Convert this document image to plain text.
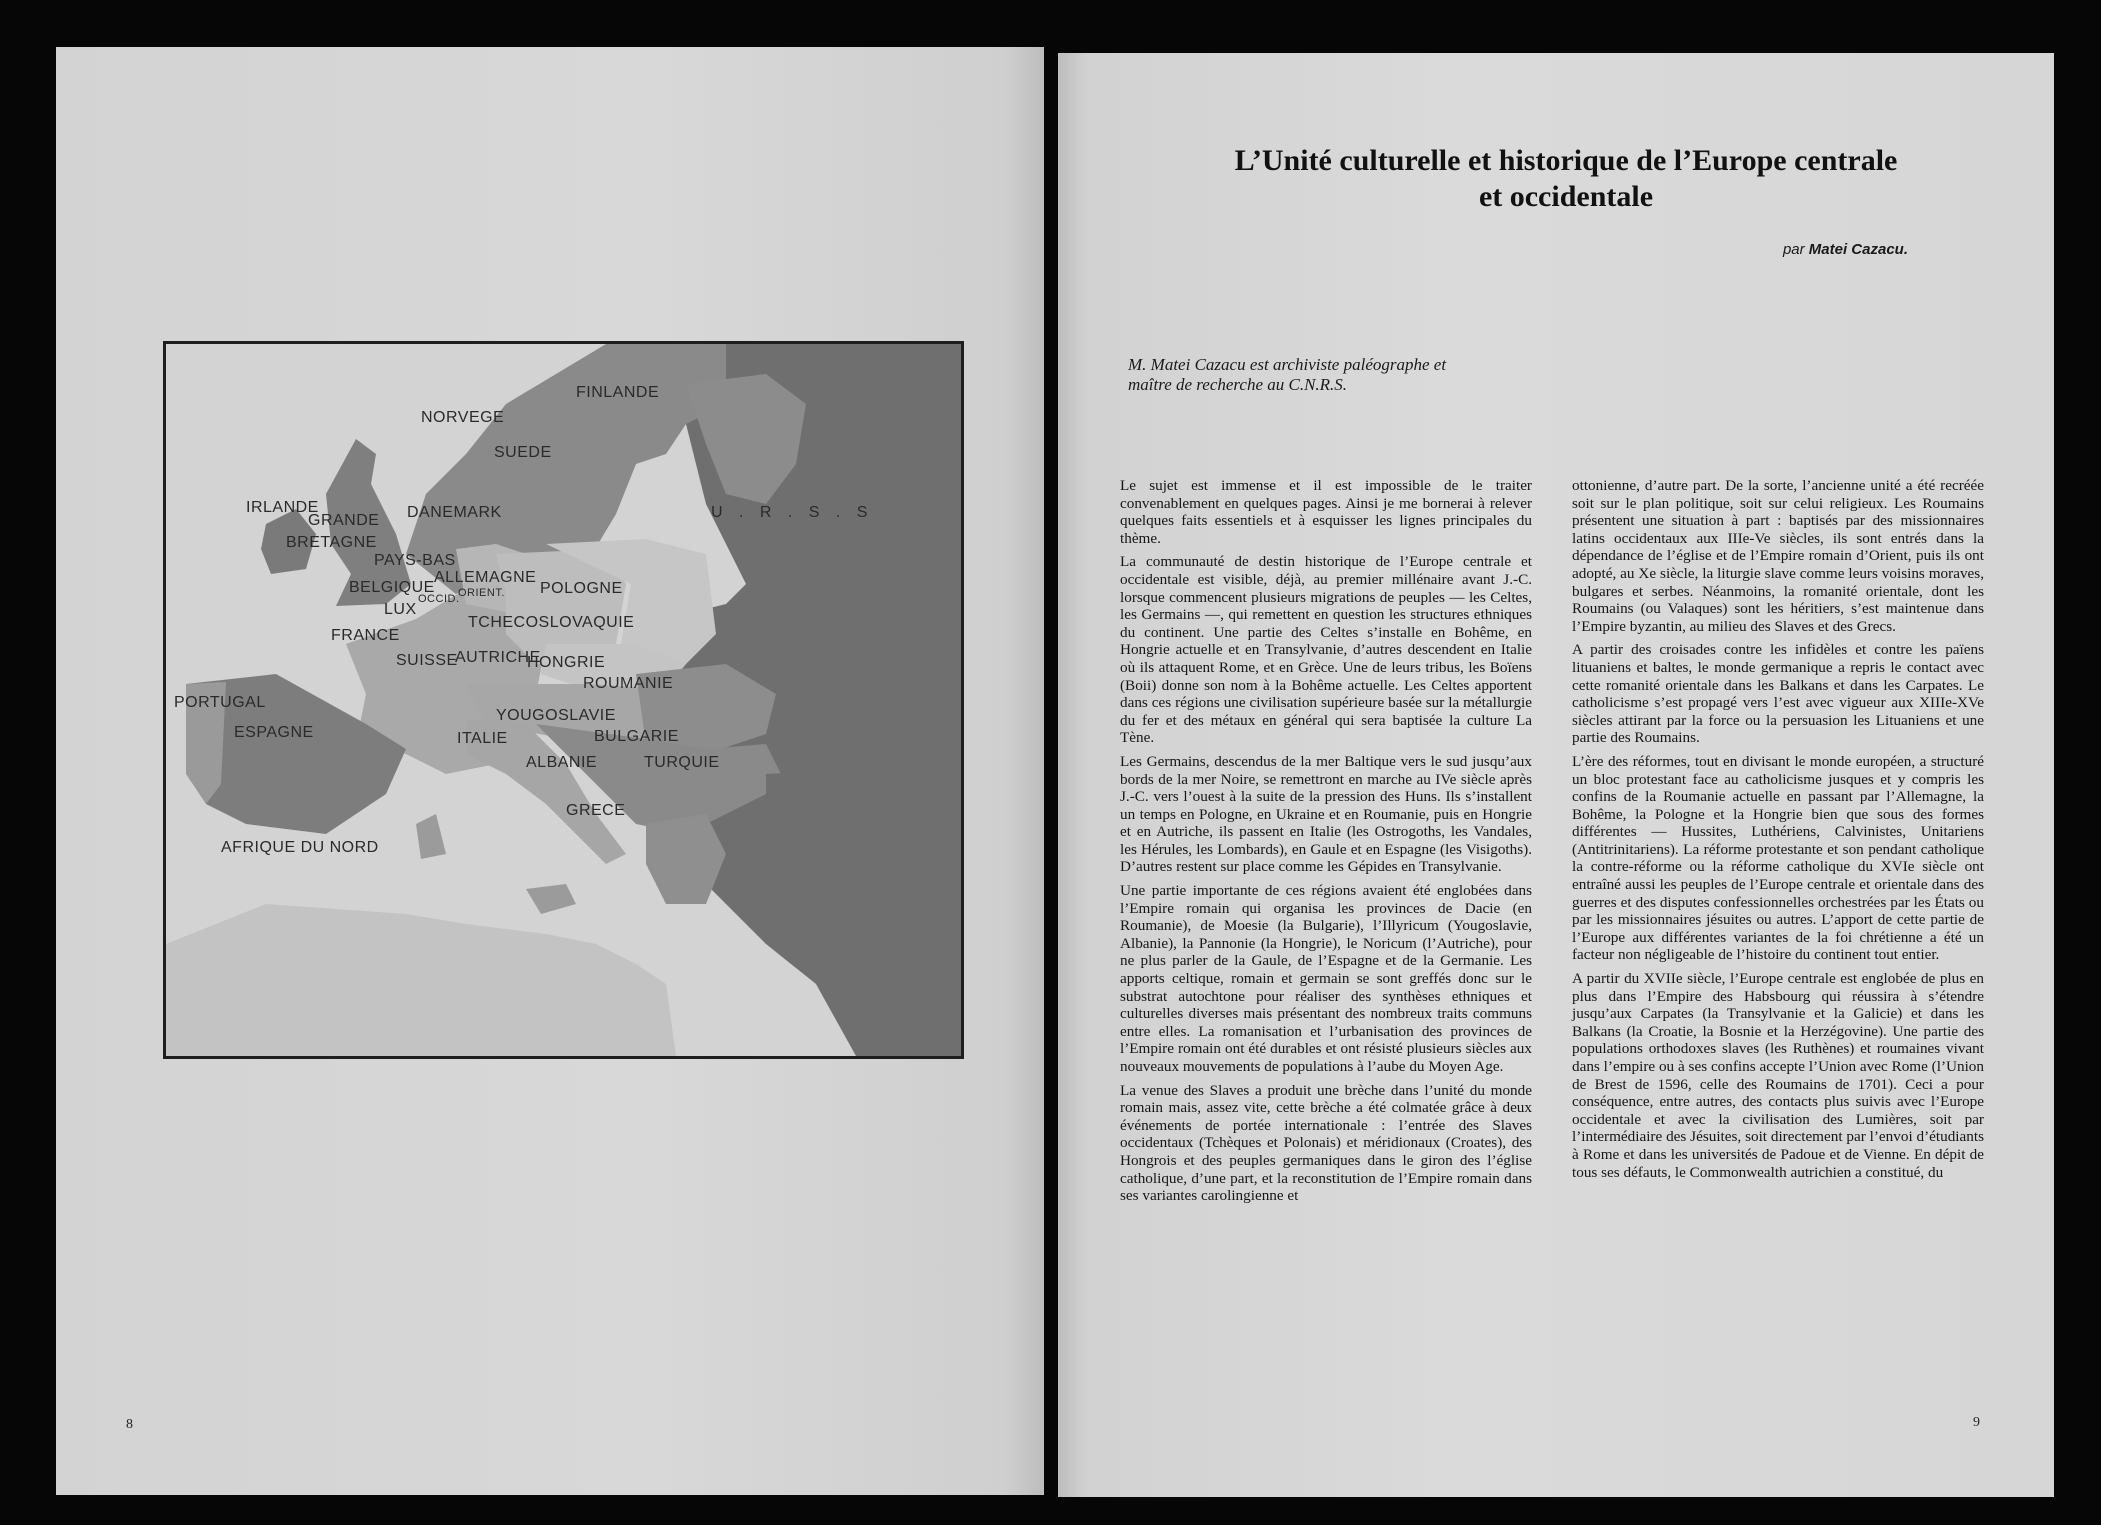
FINLANDE
NORVEGE
SUEDE
IRLANDE
GRANDE
BRETAGNE
DANEMARK	U . R . S . S
PAYS-BAS
BELGIQUE
ALLEMAGNE
ORIENT.
OCCID.
POLOGNE
LUX
TCHECOSLOVAQUIE
FRANCE
SUISSE
AUTRICHE
HONGRIE
ROUMANIE
PORTUGAL
ESPAGNE
YOUGOSLAVIE
ITALIE	BULGARIE
ALBANIE	TURQUIE
GRECE
AFRIQUE DU NORD
8
L’Unité culturelle et historique de l’Europe centrale
et occidentale
par Matei Cazacu.
M. Matei Cazacu est archiviste paléographe et maître de recherche au C.N.R.S.

Le sujet est immense et il est impossible de le traiter convenablement en quelques pages. Ainsi je me bornerai à relever quelques faits essentiels et à esquisser les lignes principales du thème.

La communauté de destin historique de l’Europe centrale et occidentale est visible, déjà, au premier millénaire avant J.-C. lorsque commencent plusieurs migrations de peuples — les Celtes, les Germains —, qui remettent en question les structures ethniques du continent. Une partie des Celtes s’installe en Bohême, en Hongrie actuelle et en Transylvanie, d’autres descendent en Italie où ils attaquent Rome, et en Grèce. Une de leurs tribus, les Boïens (Boii) donne son nom à la Bohême actuelle. Les Celtes apportent dans ces régions une civilisation supérieure basée sur la métallurgie du fer et des métaux en général qui sera baptisée la culture La Tène.

Les Germains, descendus de la mer Baltique vers le sud jusqu’aux bords de la mer Noire, se remettront en marche au IVe siècle après J.-C. vers l’ouest à la suite de la pression des Huns. Ils s’installent un temps en Pologne, en Ukraine et en Roumanie, puis en Hongrie et en Autriche, ils passent en Italie (les Ostrogoths, les Vandales, les Hérules, les Lombards), en Gaule et en Espagne (les Visigoths). D’autres restent sur place comme les Gépides en Transylvanie.

Une partie importante de ces régions avaient été englobées dans l’Empire romain qui organisa les provinces de Dacie (en Roumanie), de Moesie (la Bulgarie), l’Illyricum (Yougoslavie, Albanie), la Pannonie (la Hongrie), le Noricum (l’Autriche), pour ne plus parler de la Gaule, de l’Espagne et de la Germanie. Les apports celtique, romain et germain se sont greffés donc sur le substrat autochtone pour réaliser des synthèses ethniques et culturelles diverses mais présentant des nombreux traits communs entre elles. La romanisation et l’urbanisation des provinces de l’Empire romain ont été durables et ont résisté plusieurs siècles aux nouveaux mouvements de populations à l’aube du Moyen Age.

La venue des Slaves a produit une brèche dans l’unité du monde romain mais, assez vite, cette brèche a été colmatée grâce à deux événements de portée internationale : l’entrée des Slaves occidentaux (Tchèques et Polonais) et méridionaux (Croates), des Hongrois et des peuples germaniques dans le giron des l’église catholique, d’une part, et la reconstitution de l’Empire romain dans ses variantes carolingienne et

ottonienne, d’autre part. De la sorte, l’ancienne unité a été recréée soit sur le plan politique, soit sur celui religieux. Les Roumains présentent une situation à part : baptisés par des missionnaires latins occidentaux aux IIIe-Ve siècles, ils sont entrés dans la dépendance de l’église et de l’Empire romain d’Orient, puis ils ont adopté, au Xe siècle, la liturgie slave comme leurs voisins moraves, bulgares et serbes. Néanmoins, la romanité orientale, dont les Roumains (ou Valaques) sont les héritiers, s’est maintenue dans l’Empire byzantin, au milieu des Slaves et des Grecs.

A partir des croisades contre les infidèles et contre les païens lituaniens et baltes, le monde germanique a repris le contact avec cette romanité orientale dans les Balkans et dans les Carpates. Le catholicisme s’est propagé vers l’est avec vigueur aux XIIIe-XVe siècles attirant par la force ou la persuasion les Lituaniens et une partie des Roumains.

L’ère des réformes, tout en divisant le monde européen, a structuré un bloc protestant face au catholicisme jusques et y compris les confins de la Roumanie actuelle en passant par l’Allemagne, la Bohême, la Pologne et la Hongrie bien que sous des formes différentes — Hussites, Luthériens, Calvinistes, Unitariens (Antitrinitariens). La réforme protestante et son pendant catholique la contre-réforme ou la réforme catholique du XVIe siècle ont entraîné aussi les peuples de l’Europe centrale et orientale dans des guerres et des disputes confessionnelles orchestrées par les États ou par les missionnaires jésuites ou autres. L’apport de cette partie de l’Europe aux différentes variantes de la foi chrétienne a été un facteur non négligeable de l’histoire du continent tout entier.

A partir du XVIIe siècle, l’Europe centrale est englobée de plus en plus dans l’Empire des Habsbourg qui réussira à s’étendre jusqu’aux Carpates (la Transylvanie et la Galicie) et dans les Balkans (la Croatie, la Bosnie et la Herzégovine). Une partie des populations orthodoxes slaves (les Ruthènes) et roumaines vivant dans l’empire ou à ses confins accepte l’Union avec Rome (l’Union de Brest de 1596, celle des Roumains de 1701). Ceci a pour conséquence, entre autres, des contacts plus suivis avec l’Europe occidentale et avec la civilisation des Lumières, soit par l’intermédiaire des Jésuites, soit directement par l’envoi d’étudiants à Rome et dans les universités de Padoue et de Vienne. En dépit de tous ses défauts, le Commonwealth autrichien a constitué, du

9
